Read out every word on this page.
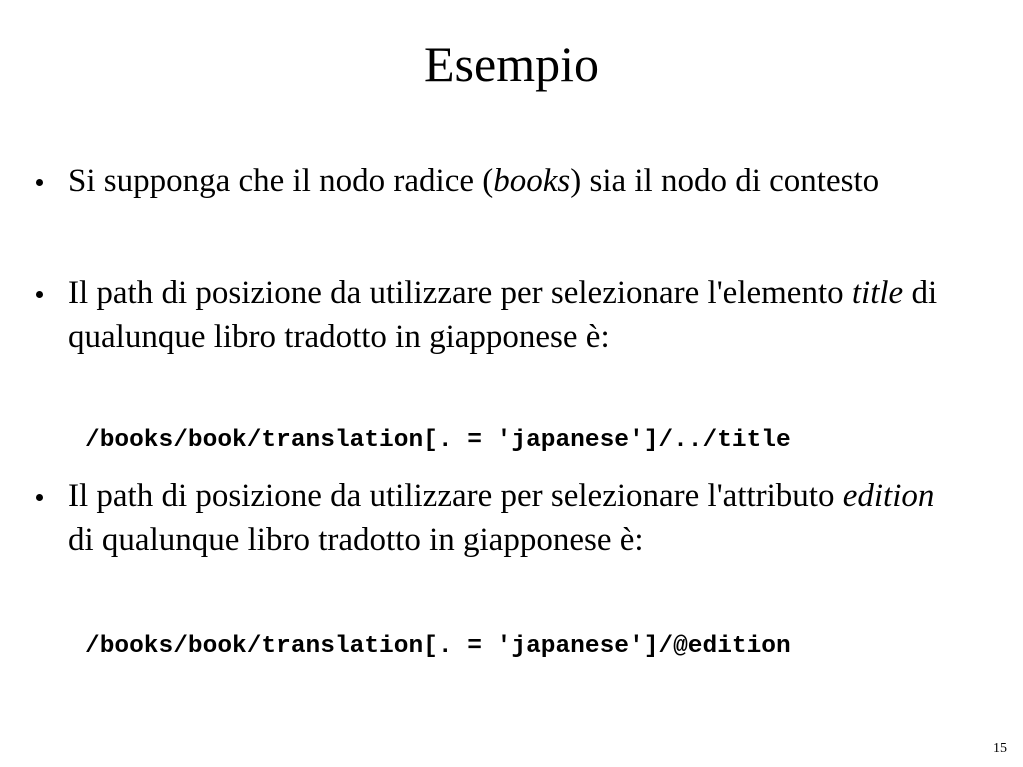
Esempio
Si supponga che il nodo radice (books) sia il nodo di contesto
Il path di posizione da utilizzare per selezionare l'elemento title di qualunque libro tradotto in giapponese è:
/books/book/translation[. = 'japanese']/../title
Il path di posizione da utilizzare per selezionare l'attributo edition di qualunque libro tradotto in giapponese è:
/books/book/translation[. = 'japanese']/@edition
15
